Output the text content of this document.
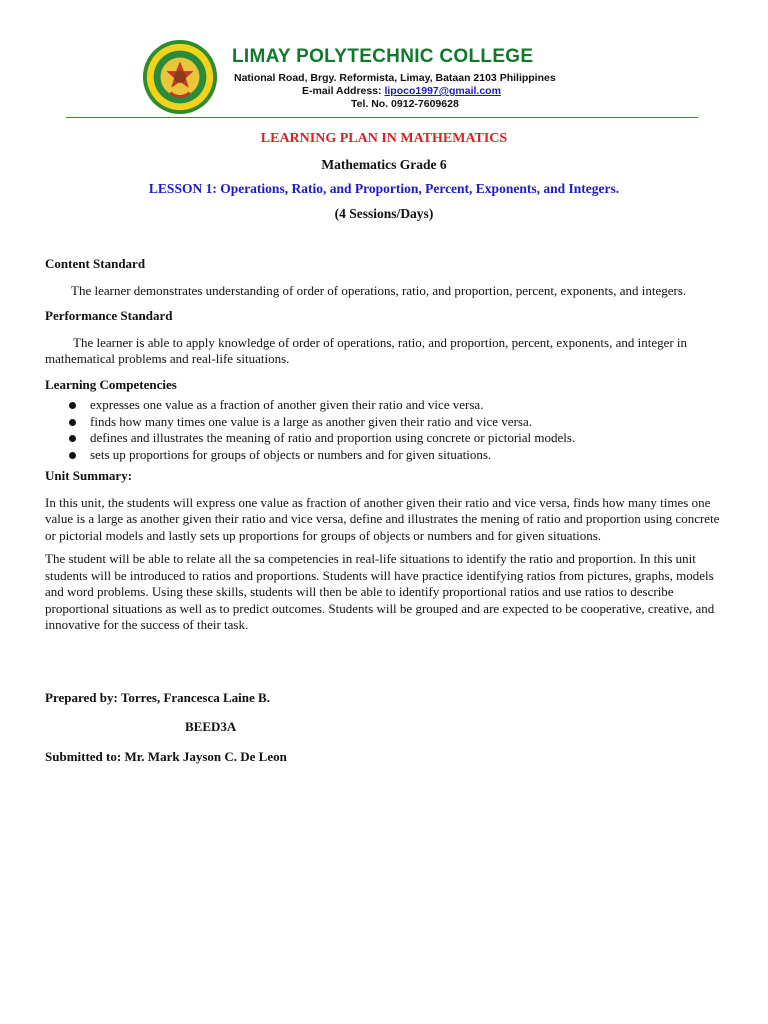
LIMAY POLYTECHNIC COLLEGE
National Road, Brgy. Reformista, Limay, Bataan 2103 Philippines
E-mail Address: lipoco1997@gmail.com
Tel. No. 0912-7609628
LEARNING PLAN IN MATHEMATICS
Mathematics Grade 6
LESSON 1: Operations, Ratio, and Proportion, Percent, Exponents, and Integers.
(4 Sessions/Days)

Content Standard

The learner demonstrates understanding of order of operations, ratio, and proportion, percent, exponents, and integers.

Performance Standard

The learner is able to apply knowledge of order of operations, ratio, and proportion, percent, exponents, and integer in mathematical problems and real-life situations.

Learning Competencies

expresses one value as a fraction of another given their ratio and vice versa.
finds how many times one value is a large as another given their ratio and vice versa.
defines and illustrates the meaning of ratio and proportion using concrete or pictorial models.
sets up proportions for groups of objects or numbers and for given situations.

Unit Summary:

In this unit, the students will express one value as fraction of another given their ratio and vice versa, finds how many times one value is a large as another given their ratio and vice versa, define and illustrates the mening of ratio and proportion using concrete or pictorial models and lastly sets up proportions for groups of objects or numbers and for given situations.

The student will be able to relate all the sa competencies in real-life situations to identify the ratio and proportion. In this unit students will be introduced to ratios and proportions. Students will have practice identifying ratios from pictures, graphs, models and word problems. Using these skills, students will then be able to identify proportional ratios and use ratios to describe proportional situations as well as to predict outcomes. Students will be grouped and are expected to be cooperative, creative, and innovative for the success of their task.

Prepared by: Torres, Francesca Laine B.

BEED3A

Submitted to: Mr. Mark Jayson C. De Leon
